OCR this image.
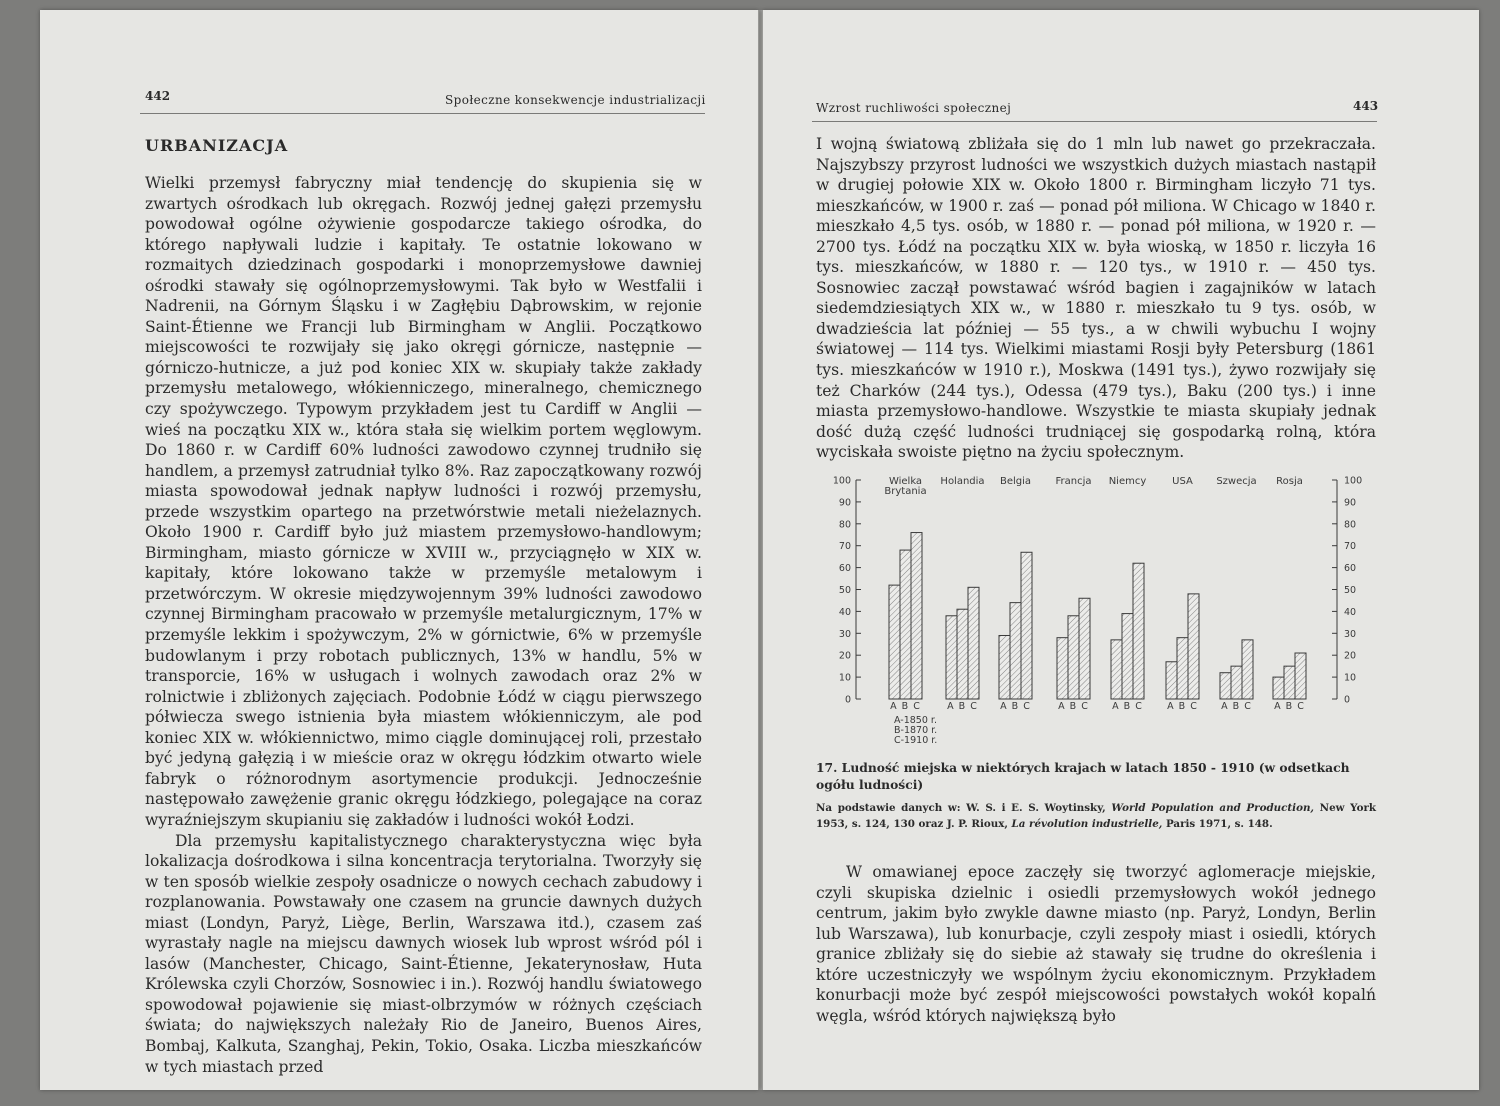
442	Społeczne konsekwencje industrializacji
URBANIZACJA

Wielki przemysł fabryczny miał tendencję do skupienia się w zwartych ośrodkach lub okręgach. Rozwój jednej gałęzi przemysłu powodował ogólne ożywienie gospodarcze takiego ośrodka, do którego napływali ludzie i kapitały. Te ostatnie lokowano w rozmaitych dziedzinach gospodarki i monoprzemysłowe dawniej ośrodki stawały się ogólnoprzemysłowymi. Tak było w Westfalii i Nadrenii, na Górnym Śląsku i w Zagłębiu Dąbrowskim, w rejonie Saint-Étienne we Francji lub Birmingham w Anglii. Początkowo miejscowości te rozwijały się jako okręgi górnicze, następnie — górniczo-hutnicze, a już pod koniec XIX w. skupiały także zakłady przemysłu metalowego, włókienniczego, mineralnego, chemicznego czy spożywczego. Typowym przykładem jest tu Cardiff w Anglii — wieś na początku XIX w., która stała się wielkim portem węglowym. Do 1860 r. w Cardiff 60% ludności zawodowo czynnej trudniło się handlem, a przemysł zatrudniał tylko 8%. Raz zapoczątkowany rozwój miasta spowodował jednak napływ ludności i rozwój przemysłu, przede wszystkim opartego na przetwórstwie metali nieżelaznych. Około 1900 r. Cardiff było już miastem przemysłowo-handlowym; Birmingham, miasto górnicze w XVIII w., przyciągnęło w XIX w. kapitały, które lokowano także w przemyśle metalowym i przetwórczym. W okresie międzywojennym 39% ludności zawodowo czynnej Birmingham pracowało w przemyśle metalurgicznym, 17% w przemyśle lekkim i spożywczym, 2% w górnictwie, 6% w przemyśle budowlanym i przy robotach publicznych, 13% w handlu, 5% w transporcie, 16% w usługach i wolnych zawodach oraz 2% w rolnictwie i zbliżonych zajęciach. Podobnie Łódź w ciągu pierwszego półwiecza swego istnienia była miastem włókienniczym, ale pod koniec XIX w. włókiennictwo, mimo ciągle dominującej roli, przestało być jedyną gałęzią i w mieście oraz w okręgu łódzkim otwarto wiele fabryk o różnorodnym asortymencie produkcji. Jednocześnie następowało zawężenie granic okręgu łódzkiego, polegające na coraz wyraźniejszym skupianiu się zakładów i ludności wokół Łodzi.

Dla przemysłu kapitalistycznego charakterystyczna więc była lokalizacja dośrodkowa i silna koncentracja terytorialna. Tworzyły się w ten sposób wielkie zespoły osadnicze o nowych cechach zabudowy i rozplanowania. Powstawały one czasem na gruncie dawnych dużych miast (Londyn, Paryż, Liège, Berlin, Warszawa itd.), czasem zaś wyrastały nagle na miejscu dawnych wiosek lub wprost wśród pól i lasów (Manchester, Chicago, Saint-Étienne, Jekaterynosław, Huta Królewska czyli Chorzów, Sosnowiec i in.). Rozwój handlu światowego spowodował pojawienie się miast-olbrzymów w różnych częściach świata; do największych należały Rio de Janeiro, Buenos Aires, Bombaj, Kalkuta, Szanghaj, Pekin, Tokio, Osaka. Liczba mieszkańców w tych miastach przed

Wzrost ruchliwości społecznej	443

I wojną światową zbliżała się do 1 mln lub nawet go przekraczała. Najszybszy przyrost ludności we wszystkich dużych miastach nastąpił w drugiej połowie XIX w. Około 1800 r. Birmingham liczyło 71 tys. mieszkańców, w 1900 r. zaś — ponad pół miliona. W Chicago w 1840 r. mieszkało 4,5 tys. osób, w 1880 r. — ponad pół miliona, w 1920 r. — 2700 tys. Łódź na początku XIX w. była wioską, w 1850 r. liczyła 16 tys. mieszkańców, w 1880 r. — 120 tys., w 1910 r. — 450 tys. Sosnowiec zaczął powstawać wśród bagien i zagajników w latach siedemdziesiątych XIX w., w 1880 r. mieszkało tu 9 tys. osób, w dwadzieścia lat później — 55 tys., a w chwili wybuchu I wojny światowej — 114 tys. Wielkimi miastami Rosji były Petersburg (1861 tys. mieszkańców w 1910 r.), Moskwa (1491 tys.), żywo rozwijały się też Charków (244 tys.), Odessa (479 tys.), Baku (200 tys.) i inne miasta przemysłowo-handlowe. Wszystkie te miasta skupiały jednak dość dużą część ludności trudniącej się gospodarką rolną, która wyciskała swoiste piętno na życiu społecznym.

0	0
10	10
20	20
30	30
40	40
50	50
60	60
70	70
80	80
90	90
100	100
Wielka
Brytania
A B C
Holandia
A B C
Belgia
A B C
Francja
A B C
Niemcy
A B C
USA
A B C
Szwecja
A B C
Rosja
A B C
A-1850 r.
B-1870 r.
C-1910 r.

17. Ludność miejska w niektórych krajach w latach 1850 - 1910 (w odsetkach ogółu ludności)

Na podstawie danych w: W. S. i E. S. Woytinsky, World Population and Production, New York 1953, s. 124, 130 oraz J. P. Rioux, La révolution industrielle, Paris 1971, s. 148.

W omawianej epoce zaczęły się tworzyć aglomeracje miejskie, czyli skupiska dzielnic i osiedli przemysłowych wokół jednego centrum, jakim było zwykle dawne miasto (np. Paryż, Londyn, Berlin lub Warszawa), lub konurbacje, czyli zespoły miast i osiedli, których granice zbliżały się do siebie aż stawały się trudne do określenia i które uczestniczyły we wspólnym życiu ekonomicznym. Przykładem konurbacji może być zespół miejscowości powstałych wokół kopalń węgla, wśród których największą było
